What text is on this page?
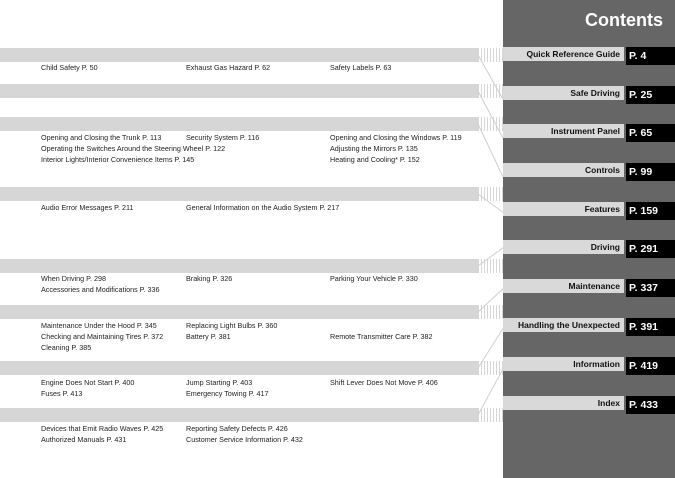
Child Safety P. 50	Exhaust Gas Hazard P. 62	Safety Labels P. 63
Opening and Closing the Trunk P. 113	Security System P. 116	Opening and Closing the Windows P. 119
Operating the Switches Around the Steering Wheel P. 122	Adjusting the Mirrors P. 135
Interior Lights/Interior Convenience Items P. 145	Heating and Cooling* P. 152
Audio Error Messages P. 211	General Information on the Audio System P. 217
When Driving P. 298	Braking P. 326	Parking Your Vehicle P. 330
Accessories and Modifications P. 336
Maintenance Under the Hood P. 345	Replacing Light Bulbs P. 360
Checking and Maintaining Tires P. 372	Battery P. 381	Remote Transmitter Care P. 382
Cleaning P. 385
Engine Does Not Start P. 400	Jump Starting P. 403	Shift Lever Does Not Move P. 406
Fuses P. 413	Emergency Towing P. 417
Devices that Emit Radio Waves P. 425	Reporting Safety Defects P. 426
Authorized Manuals P. 431	Customer Service Information P. 432
Contents
Quick Reference Guide P. 4
Safe Driving P. 25
Instrument Panel P. 65
Controls P. 99
Features P. 159
Driving P. 291
Maintenance P. 337
Handling the Unexpected P. 391
Information P. 419
Index P. 433
